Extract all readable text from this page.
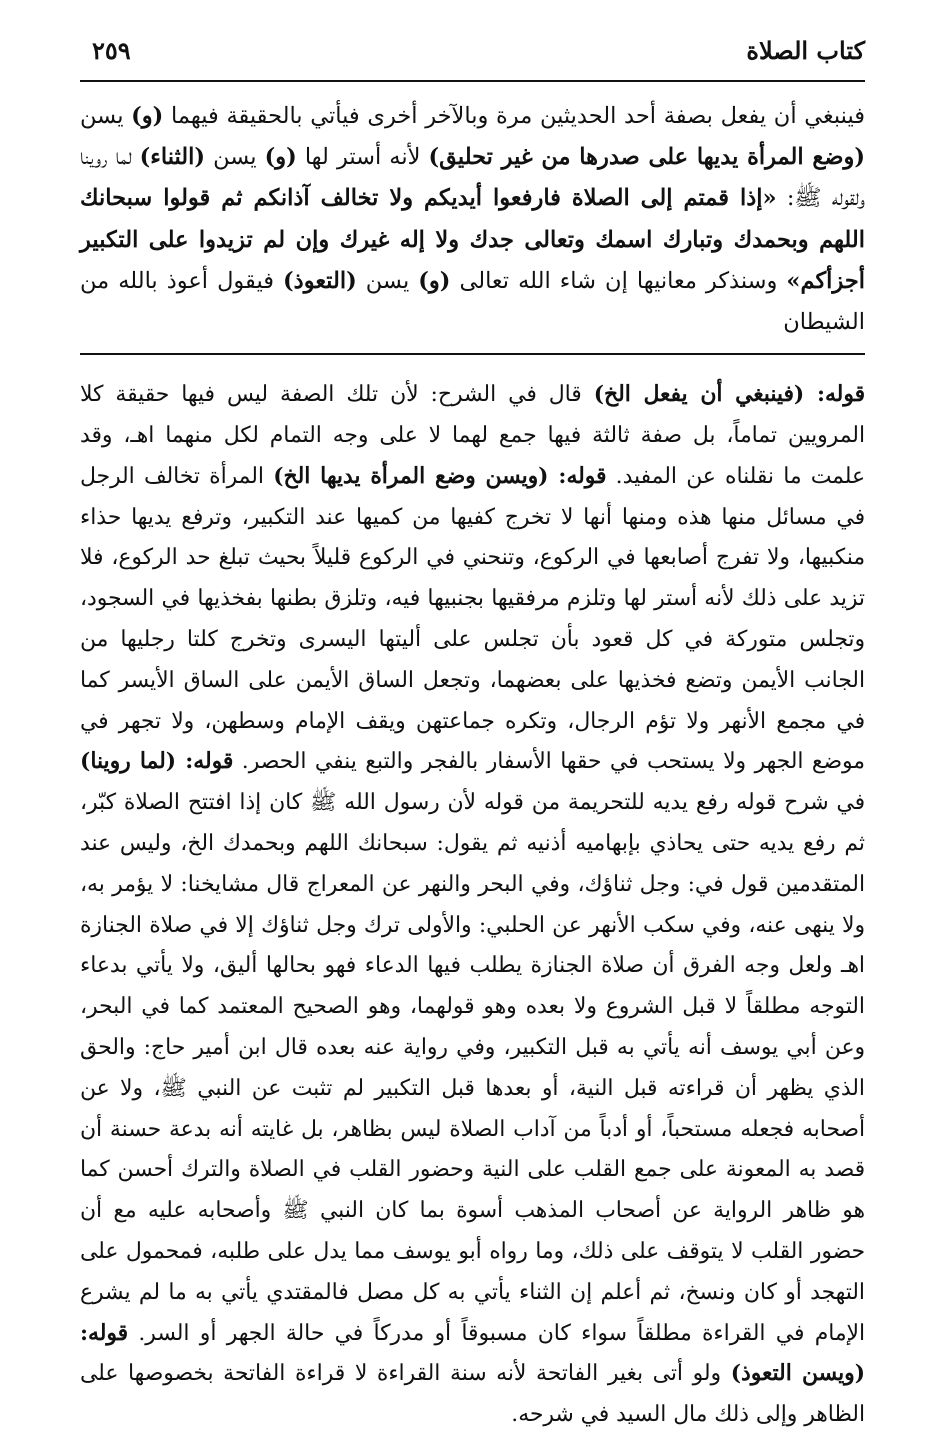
كتاب الصلاة
٢٥٩
فينبغي أن يفعل بصفة أحد الحديثين مرة وبالآخر أخرى فيأتي بالحقيقة فيهما (و) يسن (وضع المرأة يديها على صدرها من غير تحليق) لأنه أستر لها (و) يسن (الثناء) لما روينا ولقوله ﷺ: «إذا قمتم إلى الصلاة فارفعوا أيديكم ولا تخالف آذانكم ثم قولوا سبحانك اللهم وبحمدك وتبارك اسمك وتعالى جدك ولا إله غيرك وإن لم تزيدوا على التكبير أجزأكم» وسنذكر معانيها إن شاء الله تعالى (و) يسن (التعوذ) فيقول أعوذ بالله من الشيطان
قوله: (فينبغي أن يفعل الخ) قال في الشرح: لأن تلك الصفة ليس فيها حقيقة كلا المرويين تماماً، بل صفة ثالثة فيها جمع لهما لا على وجه التمام لكل منهما اهـ، وقد علمت ما نقلناه عن المفيد. قوله: (ويسن وضع المرأة يديها الخ) المرأة تخالف الرجل في مسائل منها هذه ومنها أنها لا تخرج كفيها من كميها عند التكبير، وترفع يديها حذاء منكبيها، ولا تفرج أصابعها في الركوع، وتنحني في الركوع قليلاً بحيث تبلغ حد الركوع، فلا تزيد على ذلك لأنه أستر لها وتلزم مرفقيها بجنبيها فيه، وتلزق بطنها بفخذيها في السجود، وتجلس متوركة في كل قعود بأن تجلس على أليتها اليسرى وتخرج كلتا رجليها من الجانب الأيمن وتضع فخذيها على بعضهما، وتجعل الساق الأيمن على الساق الأيسر كما في مجمع الأنهر ولا تؤم الرجال، وتكره جماعتهن ويقف الإمام وسطهن، ولا تجهر في موضع الجهر ولا يستحب في حقها الأسفار بالفجر والتبع ينفي الحصر. قوله: (لما روينا) في شرح قوله رفع يديه للتحريمة من قوله لأن رسول الله ﷺ كان إذا افتتح الصلاة كبّر، ثم رفع يديه حتى يحاذي بإبهاميه أذنيه ثم يقول: سبحانك اللهم وبحمدك الخ، وليس عند المتقدمين قول في: وجل ثناؤك، وفي البحر والنهر عن المعراج قال مشايخنا: لا يؤمر به، ولا ينهى عنه، وفي سكب الأنهر عن الحلبي: والأولى ترك وجل ثناؤك إلا في صلاة الجنازة اهـ ولعل وجه الفرق أن صلاة الجنازة يطلب فيها الدعاء فهو بحالها أليق، ولا يأتي بدعاء التوجه مطلقاً لا قبل الشروع ولا بعده وهو قولهما، وهو الصحيح المعتمد كما في البحر، وعن أبي يوسف أنه يأتي به قبل التكبير، وفي رواية عنه بعده قال ابن أمير حاج: والحق الذي يظهر أن قراءته قبل النية، أو بعدها قبل التكبير لم تثبت عن النبي ﷺ، ولا عن أصحابه فجعله مستحباً، أو أدباً من آداب الصلاة ليس بظاهر، بل غايته أنه بدعة حسنة أن قصد به المعونة على جمع القلب على النية وحضور القلب في الصلاة والترك أحسن كما هو ظاهر الرواية عن أصحاب المذهب أسوة بما كان النبي ﷺ وأصحابه عليه مع أن حضور القلب لا يتوقف على ذلك، وما رواه أبو يوسف مما يدل على طلبه، فمحمول على التهجد أو كان ونسخ، ثم أعلم إن الثناء يأتي به كل مصل فالمقتدي يأتي به ما لم يشرع الإمام في القراءة مطلقاً سواء كان مسبوقاً أو مدركاً في حالة الجهر أو السر. قوله: (ويسن التعوذ) ولو أتى بغير الفاتحة لأنه سنة القراءة لا قراءة الفاتحة بخصوصها على الظاهر وإلى ذلك مال السيد في شرحه.
